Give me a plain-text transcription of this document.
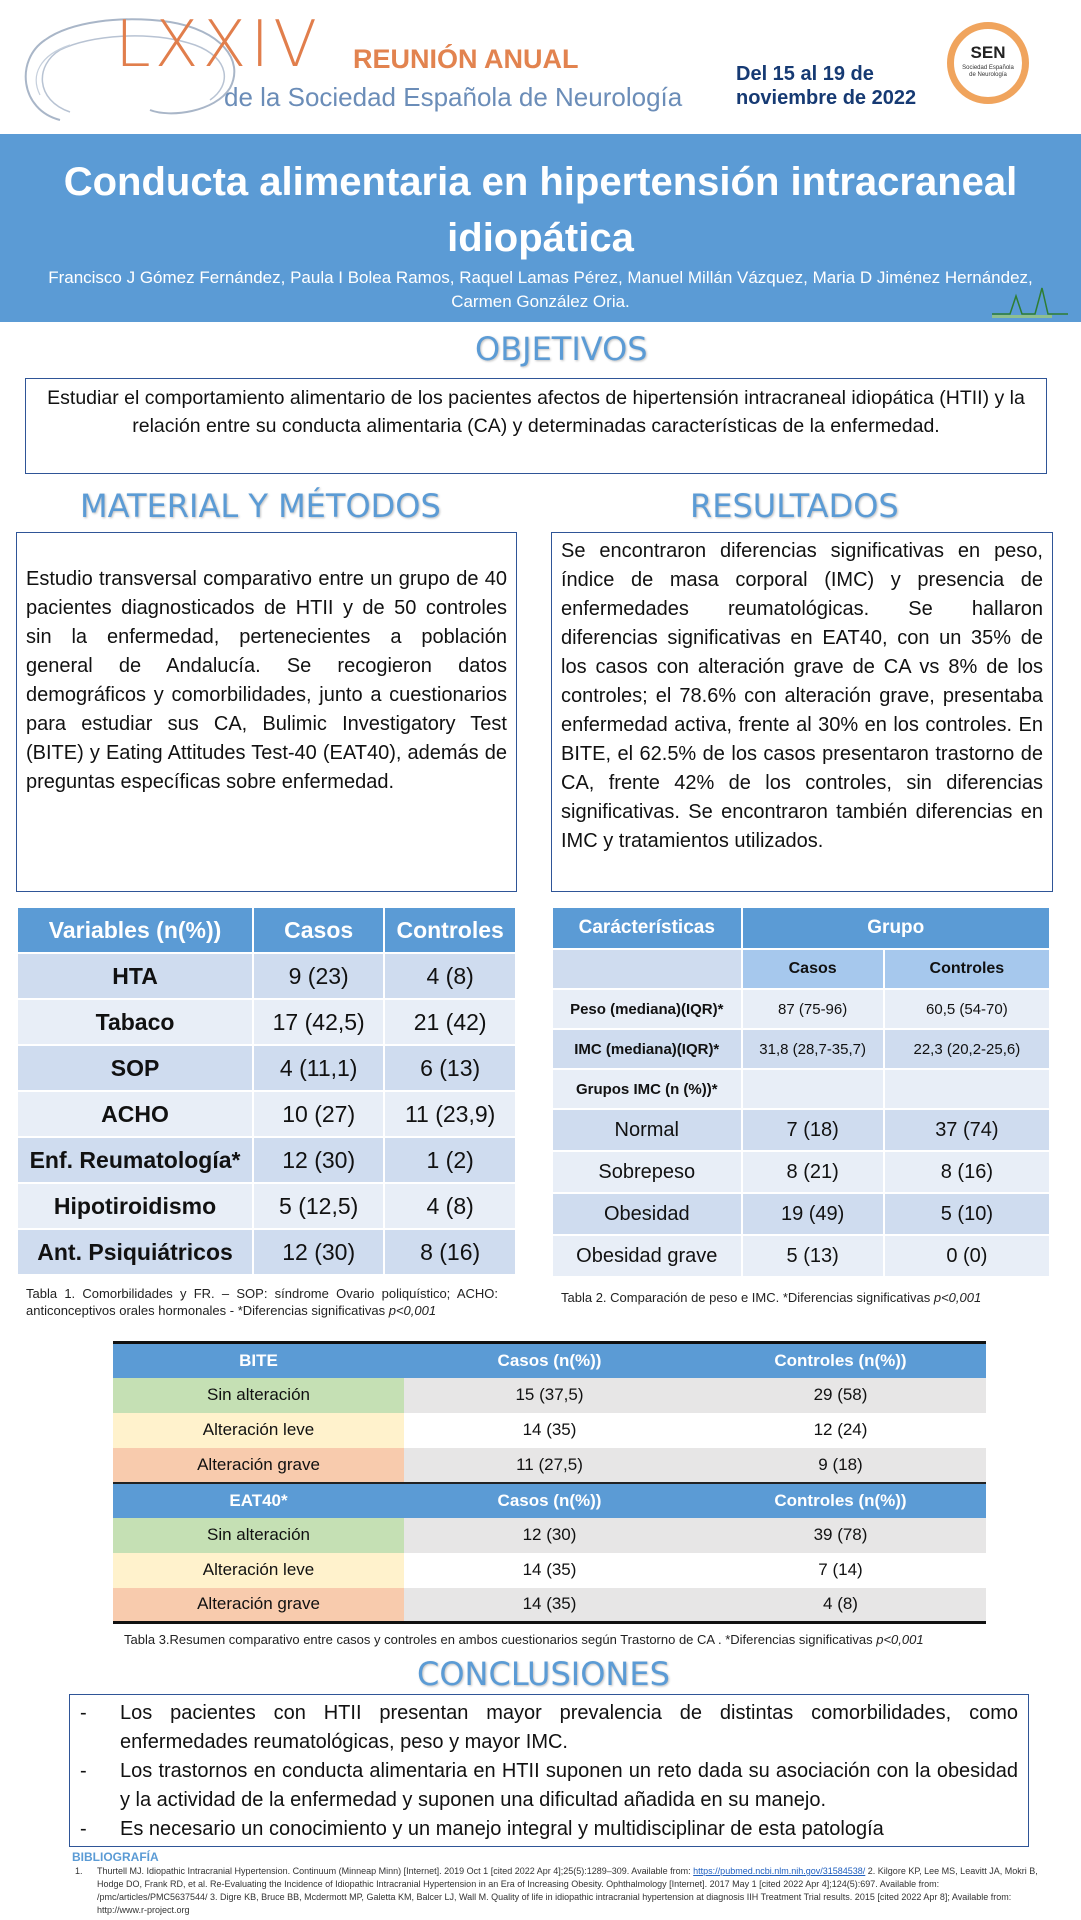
LXXIV REUNIÓN ANUAL
de la Sociedad Española de Neurología
Del 15 al 19 de
noviembre de 2022
SEN
Sociedad Española de Neurología
Conducta alimentaria en hipertensión intracraneal idiopática
Francisco J Gómez Fernández, Paula I Bolea Ramos, Raquel Lamas Pérez, Manuel Millán Vázquez, Maria D Jiménez Hernández, Carmen González Oria.
OBJETIVOS
Estudiar el comportamiento alimentario de los pacientes afectos de hipertensión intracraneal idiopática (HTII) y la relación entre su conducta alimentaria (CA) y determinadas características de la enfermedad.
MATERIAL Y MÉTODOS
Estudio transversal comparativo entre un grupo de 40 pacientes diagnosticados de HTII y de 50 controles sin la enfermedad, pertenecientes a población general de Andalucía. Se recogieron datos demográficos y comorbilidades, junto a cuestionarios para estudiar sus CA, Bulimic Investigatory Test (BITE) y Eating Attitudes Test-40 (EAT40), además de preguntas específicas sobre enfermedad.
RESULTADOS
Se encontraron diferencias significativas en peso, índice de masa corporal (IMC) y presencia de enfermedades reumatológicas. Se hallaron diferencias significativas en EAT40, con un 35% de los casos con alteración grave de CA vs 8% de los controles; el 78.6% con alteración grave, presentaba enfermedad activa, frente al 30% en los controles. En BITE, el 62.5% de los casos presentaron trastorno de CA, frente 42% de los controles, sin diferencias significativas. Se encontraron también diferencias en IMC y tratamientos utilizados.
Variables (n(%))	Casos	Controles
HTA	9 (23)	4 (8)
Tabaco	17 (42,5)	21 (42)
SOP	4 (11,1)	6 (13)
ACHO	10 (27)	11 (23,9)
Enf. Reumatología*	12 (30)	1 (2)
Hipotiroidismo	5 (12,5)	4 (8)
Ant. Psiquiátricos	12 (30)	8 (16)
Tabla 1. Comorbilidades y FR. – SOP: síndrome Ovario poliquístico; ACHO: anticonceptivos orales hormonales - *Diferencias significativas p<0,001
Carácterísticas	Grupo	
	Casos	Controles
Peso (mediana)(IQR)*	87 (75-96)	60,5 (54-70)
IMC (mediana)(IQR)*	31,8 (28,7-35,7)	22,3 (20,2-25,6)
Grupos IMC (n (%))*		
Normal	7 (18)	37 (74)
Sobrepeso	8 (21)	8 (16)
Obesidad	19 (49)	5 (10)
Obesidad grave	5 (13)	0 (0)
Tabla 2. Comparación de peso e IMC. *Diferencias significativas p<0,001
BITE	Casos (n(%))	Controles (n(%))
Sin alteración	15 (37,5)	29 (58)
Alteración leve	14 (35)	12 (24)
Alteración grave	11 (27,5)	9 (18)
EAT40*	Casos (n(%))	Controles (n(%))
Sin alteración	12 (30)	39 (78)
Alteración leve	14 (35)	7 (14)
Alteración grave	14 (35)	4 (8)
Tabla 3.Resumen comparativo entre casos y controles en ambos cuestionarios según Trastorno de CA . *Diferencias significativas p<0,001
CONCLUSIONES
- Los pacientes con HTII presentan mayor prevalencia de distintas comorbilidades, como enfermedades reumatológicas, peso y mayor IMC.
- Los trastornos en conducta alimentaria en HTII suponen un reto dada su asociación con la obesidad y la actividad de la enfermedad y suponen una dificultad añadida en su manejo.
- Es necesario un conocimiento y un manejo integral y multidisciplinar de esta patología
BIBLIOGRAFÍA
1. Thurtell MJ. Idiopathic Intracranial Hypertension. Continuum (Minneap Minn) [Internet]. 2019 Oct 1 [cited 2022 Apr 4];25(5):1289–309. Available from: https://pubmed.ncbi.nlm.nih.gov/31584538/ 2. Kilgore KP, Lee MS, Leavitt JA, Mokri B, Hodge DO, Frank RD, et al. Re-Evaluating the Incidence of Idiopathic Intracranial Hypertension in an Era of Increasing Obesity. Ophthalmology [Internet]. 2017 May 1 [cited 2022 Apr 4];124(5):697. Available from: /pmc/articles/PMC5637544/ 3. Digre KB, Bruce BB, Mcdermott MP, Galetta KM, Balcer LJ, Wall M. Quality of life in idiopathic intracranial hypertension at diagnosis IIH Treatment Trial results. 2015 [cited 2022 Apr 8]; Available from: http://www.r-project.org
